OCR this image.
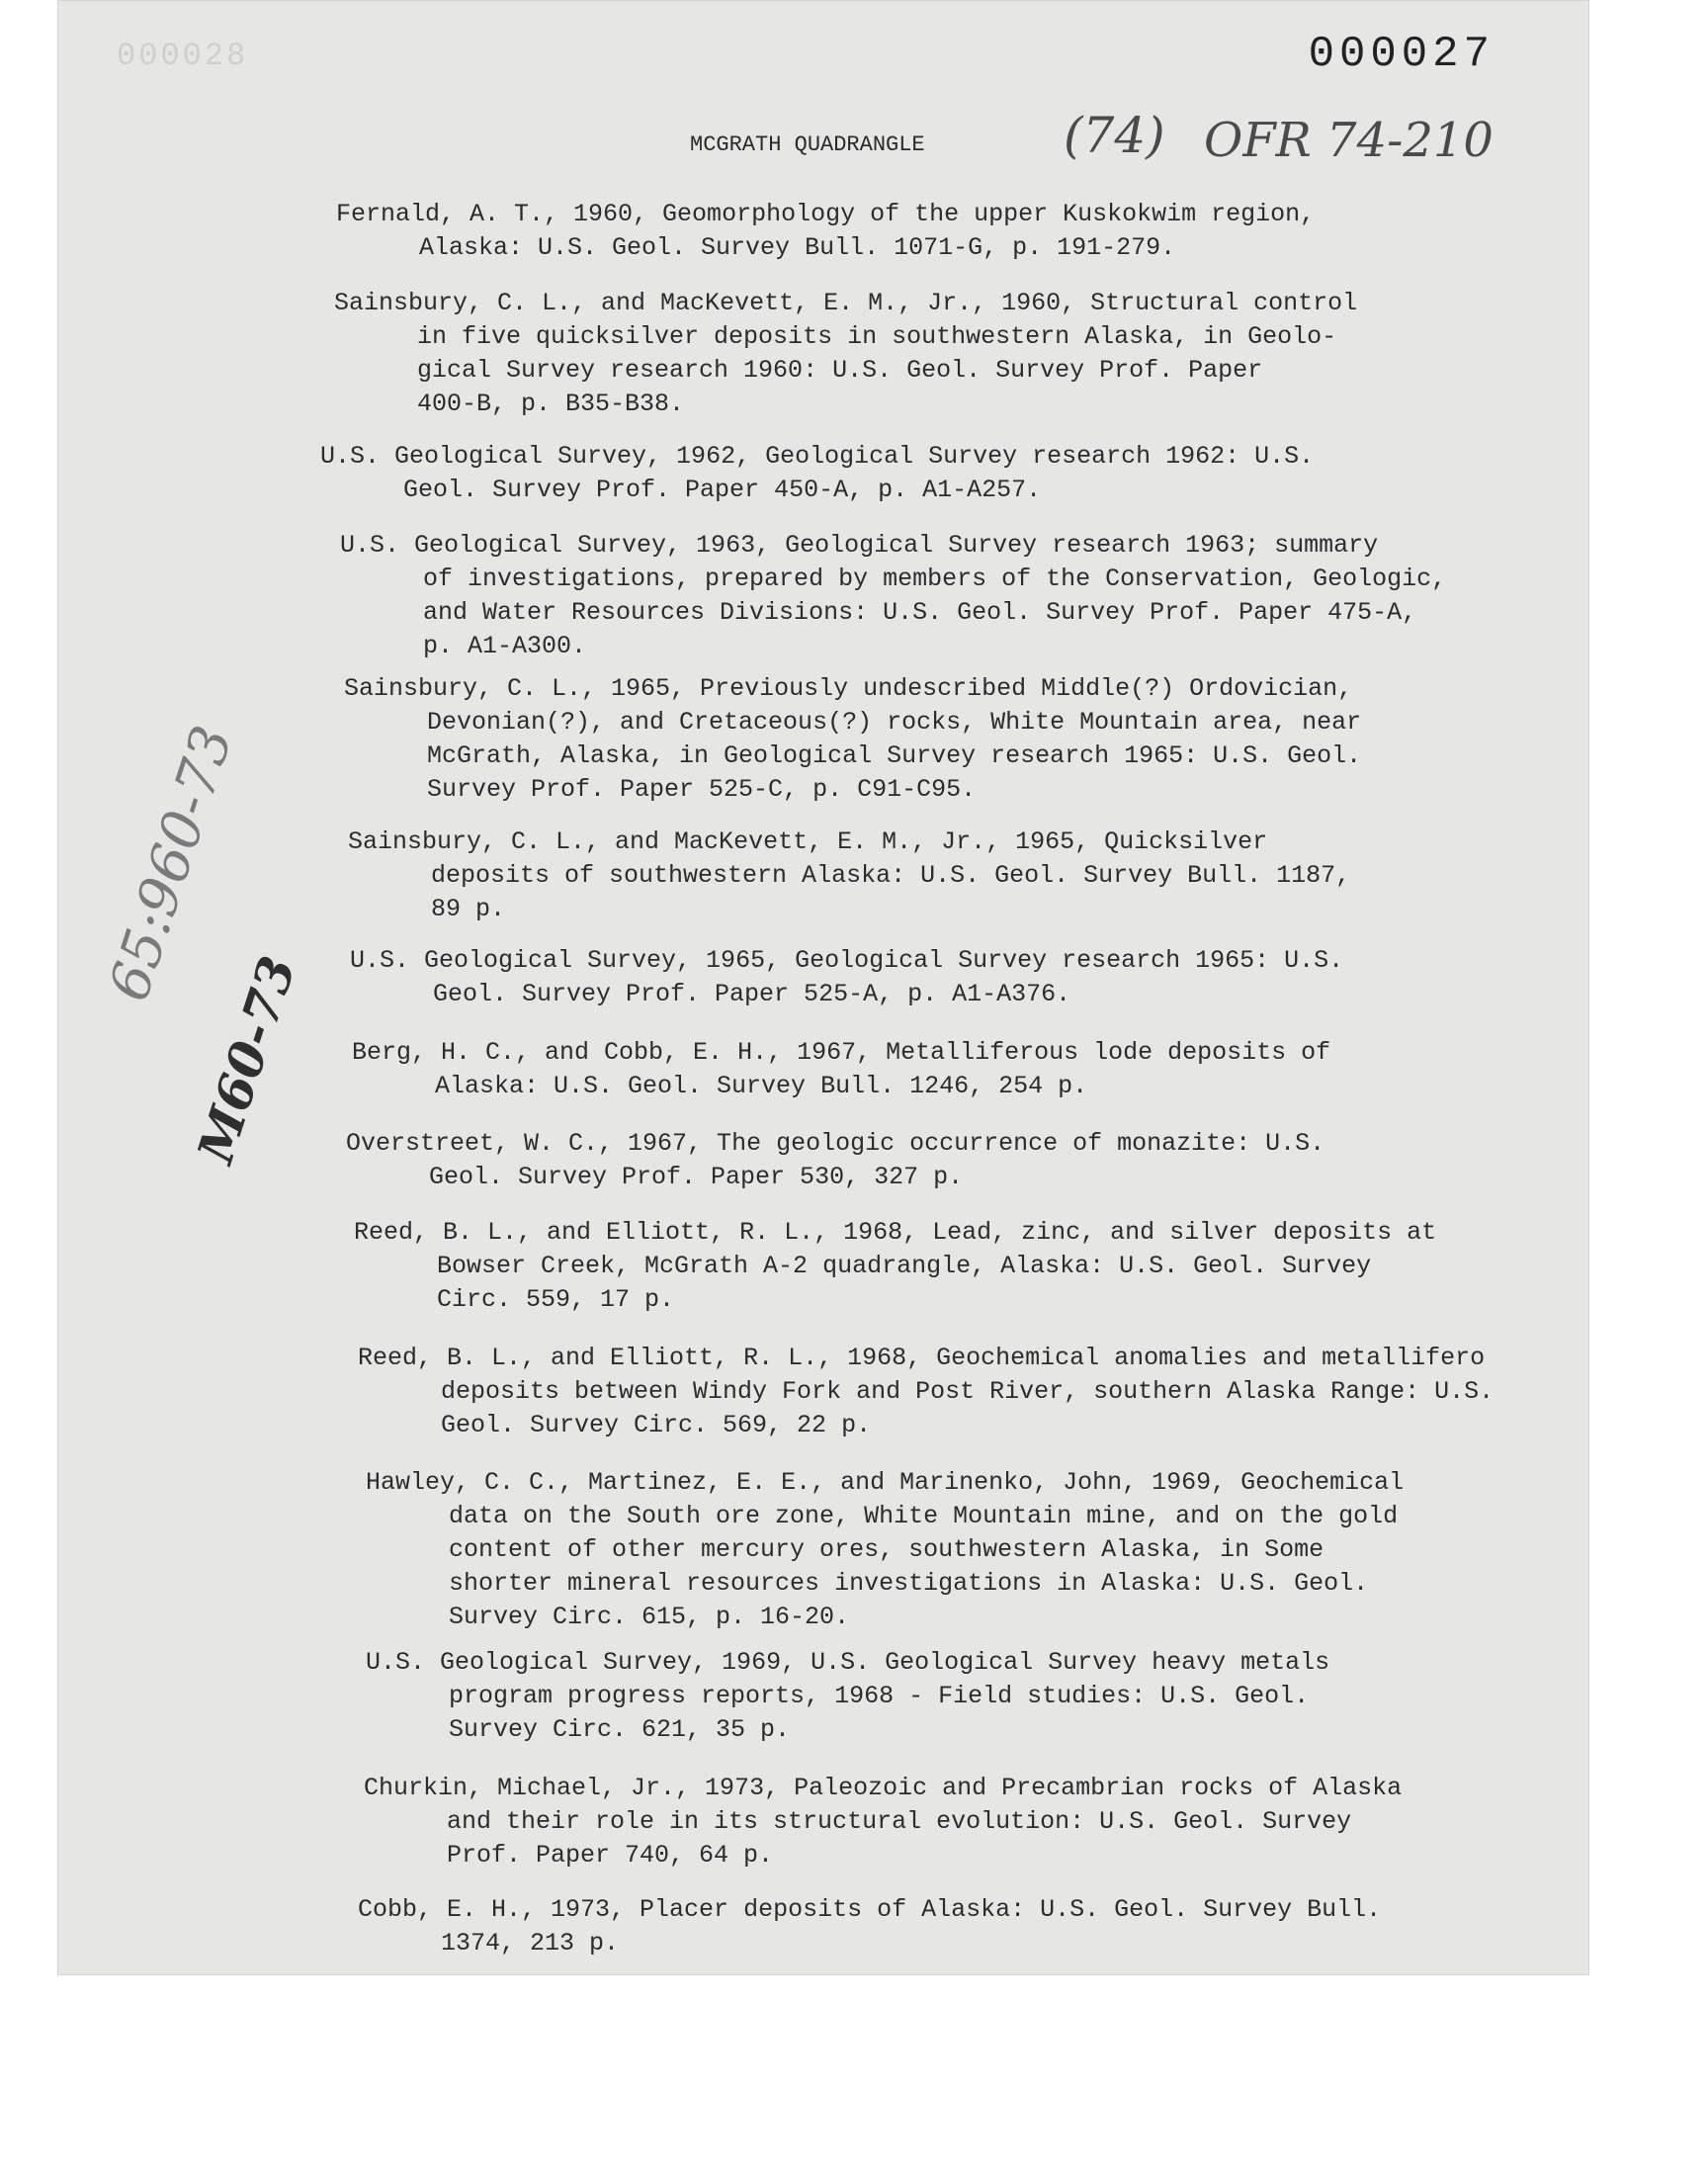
000028	000027
MCGRATH QUADRANGLE	(74) OFR 74-210
65:960-73
M60-73
Fernald, A. T., 1960, Geomorphology of the upper Kuskokwim region,
Alaska: U.S. Geol. Survey Bull. 1071-G, p. 191-279.
Sainsbury, C. L., and MacKevett, E. M., Jr., 1960, Structural control
in five quicksilver deposits in southwestern Alaska, in Geolo-
gical Survey research 1960: U.S. Geol. Survey Prof. Paper
400-B, p. B35-B38.
U.S. Geological Survey, 1962, Geological Survey research 1962: U.S.
Geol. Survey Prof. Paper 450-A, p. A1-A257.
U.S. Geological Survey, 1963, Geological Survey research 1963; summary
of investigations, prepared by members of the Conservation, Geologic,
and Water Resources Divisions: U.S. Geol. Survey Prof. Paper 475-A,
p. A1-A300.
Sainsbury, C. L., 1965, Previously undescribed Middle(?) Ordovician,
Devonian(?), and Cretaceous(?) rocks, White Mountain area, near
McGrath, Alaska, in Geological Survey research 1965: U.S. Geol.
Survey Prof. Paper 525-C, p. C91-C95.
Sainsbury, C. L., and MacKevett, E. M., Jr., 1965, Quicksilver
deposits of southwestern Alaska: U.S. Geol. Survey Bull. 1187,
89 p.
U.S. Geological Survey, 1965, Geological Survey research 1965: U.S.
Geol. Survey Prof. Paper 525-A, p. A1-A376.
Berg, H. C., and Cobb, E. H., 1967, Metalliferous lode deposits of
Alaska: U.S. Geol. Survey Bull. 1246, 254 p.
Overstreet, W. C., 1967, The geologic occurrence of monazite: U.S.
Geol. Survey Prof. Paper 530, 327 p.
Reed, B. L., and Elliott, R. L., 1968, Lead, zinc, and silver deposits at
Bowser Creek, McGrath A-2 quadrangle, Alaska: U.S. Geol. Survey
Circ. 559, 17 p.
Reed, B. L., and Elliott, R. L., 1968, Geochemical anomalies and metallifero
deposits between Windy Fork and Post River, southern Alaska Range: U.S.
Geol. Survey Circ. 569, 22 p.
Hawley, C. C., Martinez, E. E., and Marinenko, John, 1969, Geochemical
data on the South ore zone, White Mountain mine, and on the gold
content of other mercury ores, southwestern Alaska, in Some
shorter mineral resources investigations in Alaska: U.S. Geol.
Survey Circ. 615, p. 16-20.
U.S. Geological Survey, 1969, U.S. Geological Survey heavy metals
program progress reports, 1968 - Field studies: U.S. Geol.
Survey Circ. 621, 35 p.
Churkin, Michael, Jr., 1973, Paleozoic and Precambrian rocks of Alaska
and their role in its structural evolution: U.S. Geol. Survey
Prof. Paper 740, 64 p.
Cobb, E. H., 1973, Placer deposits of Alaska: U.S. Geol. Survey Bull.
1374, 213 p.
